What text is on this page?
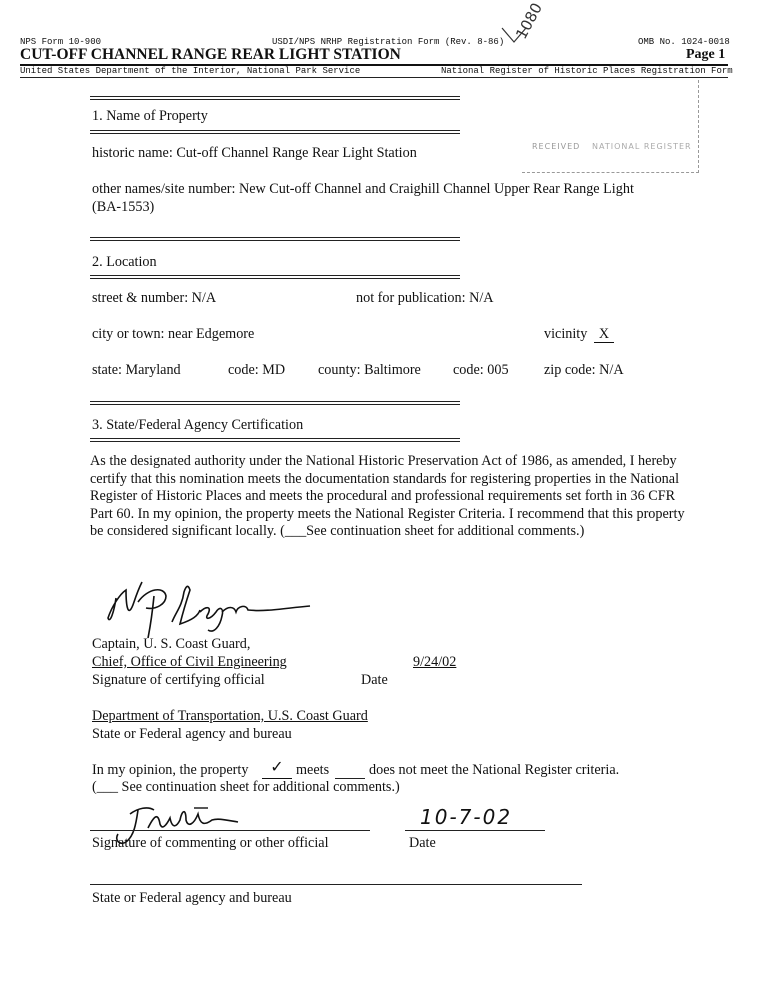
NPS Form 10-900	USDI/NPS NRHP Registration Form (Rev. 8-86)	OMB No. 1024-0018
CUT-OFF CHANNEL RANGE REAR LIGHT STATION	Page 1
United States Department of the Interior, National Park Service	National Register of Historic Places Registration Form
1080
RECEIVED NATIONAL REGISTER
1. Name of Property
historic name: Cut-off Channel Range Rear Light Station
other names/site number: New Cut-off Channel and Craighill Channel Upper Rear Range Light
(BA-1553)
2. Location
street & number: N/A	not for publication: N/A
city or town: near Edgemore	vicinity X
state: Maryland	code: MD county: Baltimore code: 005 zip code: N/A
3. State/Federal Agency Certification
As the designated authority under the National Historic Preservation Act of 1986, as amended, I hereby certify that this nomination meets the documentation standards for registering properties in the National Register of Historic Places and meets the procedural and professional requirements set forth in 36 CFR Part 60. In my opinion, the property meets the National Register Criteria. I recommend that this property be considered significant locally. (___See continuation sheet for additional comments.)
Captain, U. S. Coast Guard,
Chief, Office of Civil Engineering	9/24/02
Signature of certifying official	Date
Department of Transportation, U.S. Coast Guard
State or Federal agency and bureau
In my opinion, the property	✓ meets	does not meet the National Register criteria.
(___ See continuation sheet for additional comments.)
10-7-02
Signature of commenting or other official	Date
State or Federal agency and bureau
